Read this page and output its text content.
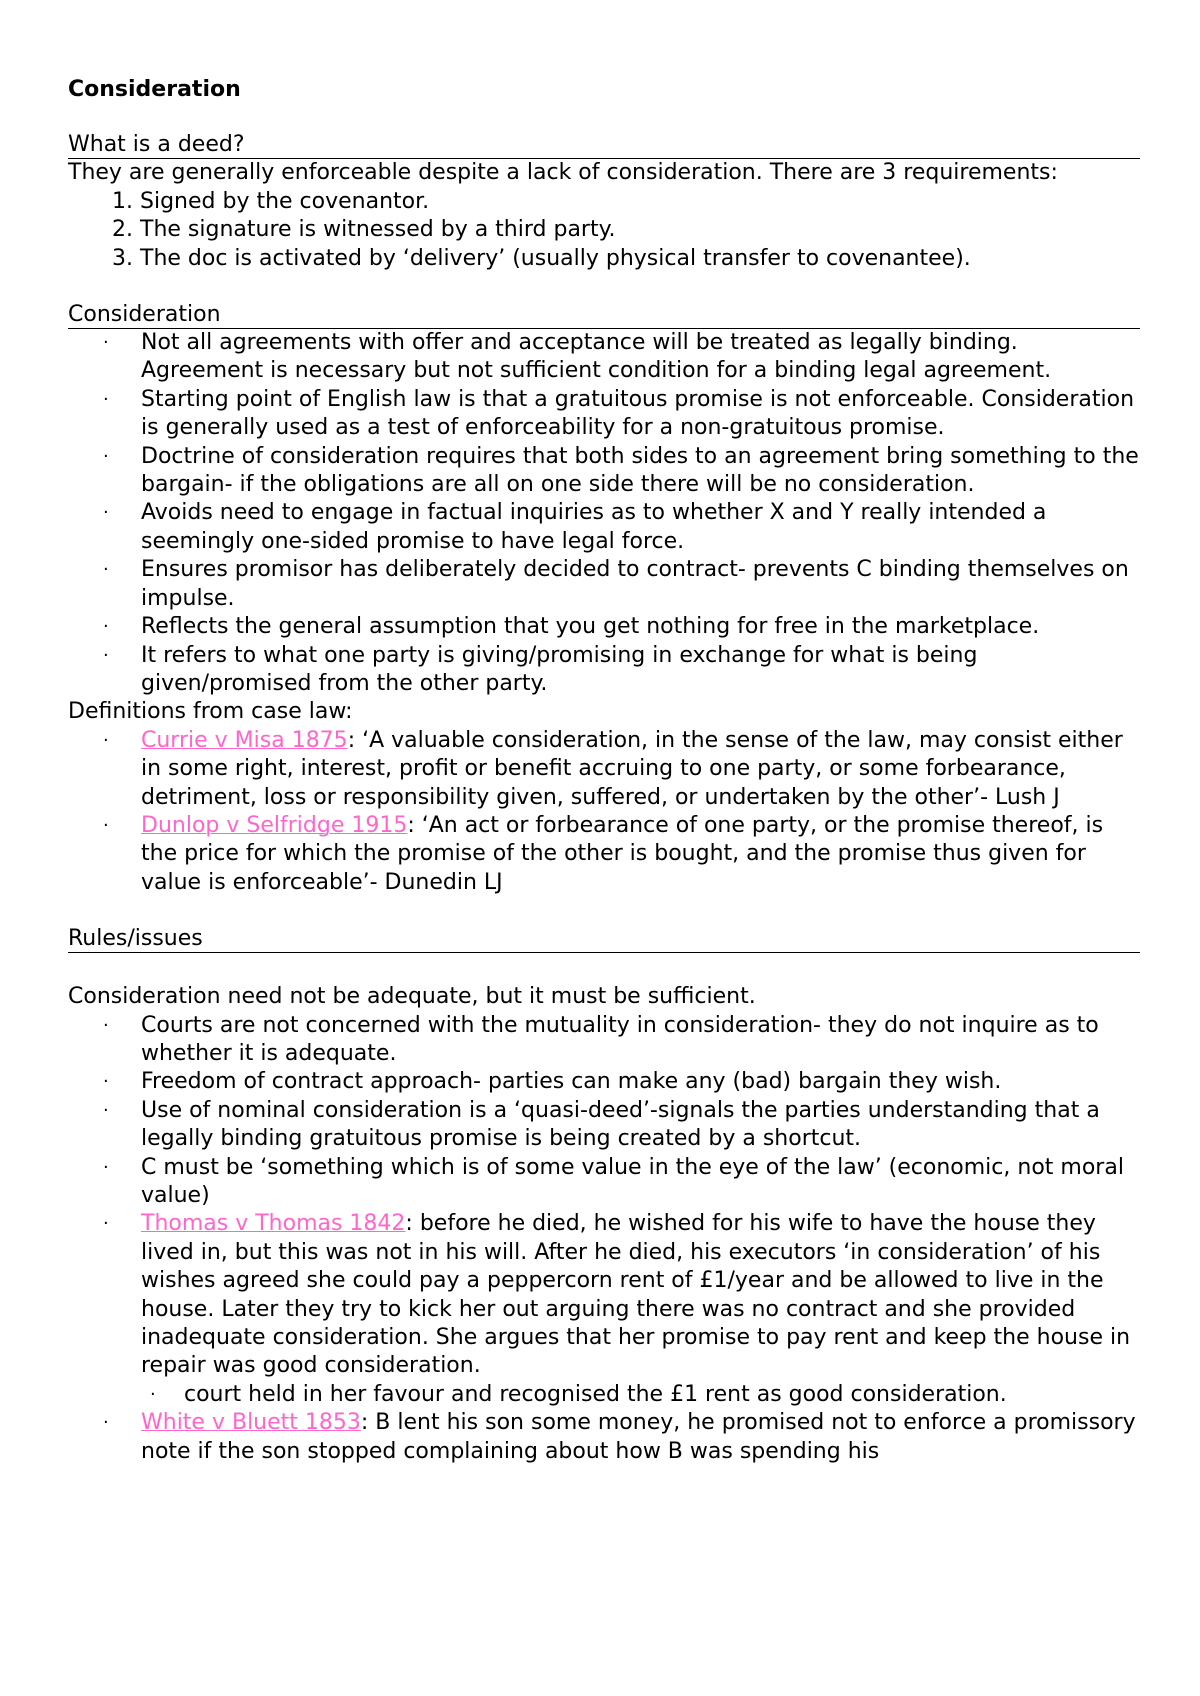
Consideration
What is a deed?
They are generally enforceable despite a lack of consideration. There are 3 requirements:
1. Signed by the covenantor.
2. The signature is witnessed by a third party.
3. The doc is activated by ‘delivery’ (usually physical transfer to covenantee).
Consideration
· Not all agreements with offer and acceptance will be treated as legally binding. Agreement is necessary but not sufficient condition for a binding legal agreement.
· Starting point of English law is that a gratuitous promise is not enforceable. Consideration is generally used as a test of enforceability for a non-gratuitous promise.
· Doctrine of consideration requires that both sides to an agreement bring something to the bargain- if the obligations are all on one side there will be no consideration.
· Avoids need to engage in factual inquiries as to whether X and Y really intended a seemingly one-sided promise to have legal force.
· Ensures promisor has deliberately decided to contract- prevents C binding themselves on impulse.
· Reflects the general assumption that you get nothing for free in the marketplace.
· It refers to what one party is giving/promising in exchange for what is being given/promised from the other party.
Definitions from case law:
· Currie v Misa 1875: ‘A valuable consideration, in the sense of the law, may consist either in some right, interest, profit or benefit accruing to one party, or some forbearance, detriment, loss or responsibility given, suffered, or undertaken by the other’- Lush J
· Dunlop v Selfridge 1915: ‘An act or forbearance of one party, or the promise thereof, is the price for which the promise of the other is bought, and the promise thus given for value is enforceable’- Dunedin LJ
Rules/issues
Consideration need not be adequate, but it must be sufficient.
· Courts are not concerned with the mutuality in consideration- they do not inquire as to whether it is adequate.
· Freedom of contract approach- parties can make any (bad) bargain they wish.
· Use of nominal consideration is a ‘quasi-deed’-signals the parties understanding that a legally binding gratuitous promise is being created by a shortcut.
· C must be ‘something which is of some value in the eye of the law’ (economic, not moral value)
· Thomas v Thomas 1842: before he died, he wished for his wife to have the house they lived in, but this was not in his will. After he died, his executors ‘in consideration’ of his wishes agreed she could pay a peppercorn rent of £1/year and be allowed to live in the house. Later they try to kick her out arguing there was no contract and she provided inadequate consideration. She argues that her promise to pay rent and keep the house in repair was good consideration.
· court held in her favour and recognised the £1 rent as good consideration.
· White v Bluett 1853: B lent his son some money, he promised not to enforce a promissory note if the son stopped complaining about how B was spending his
